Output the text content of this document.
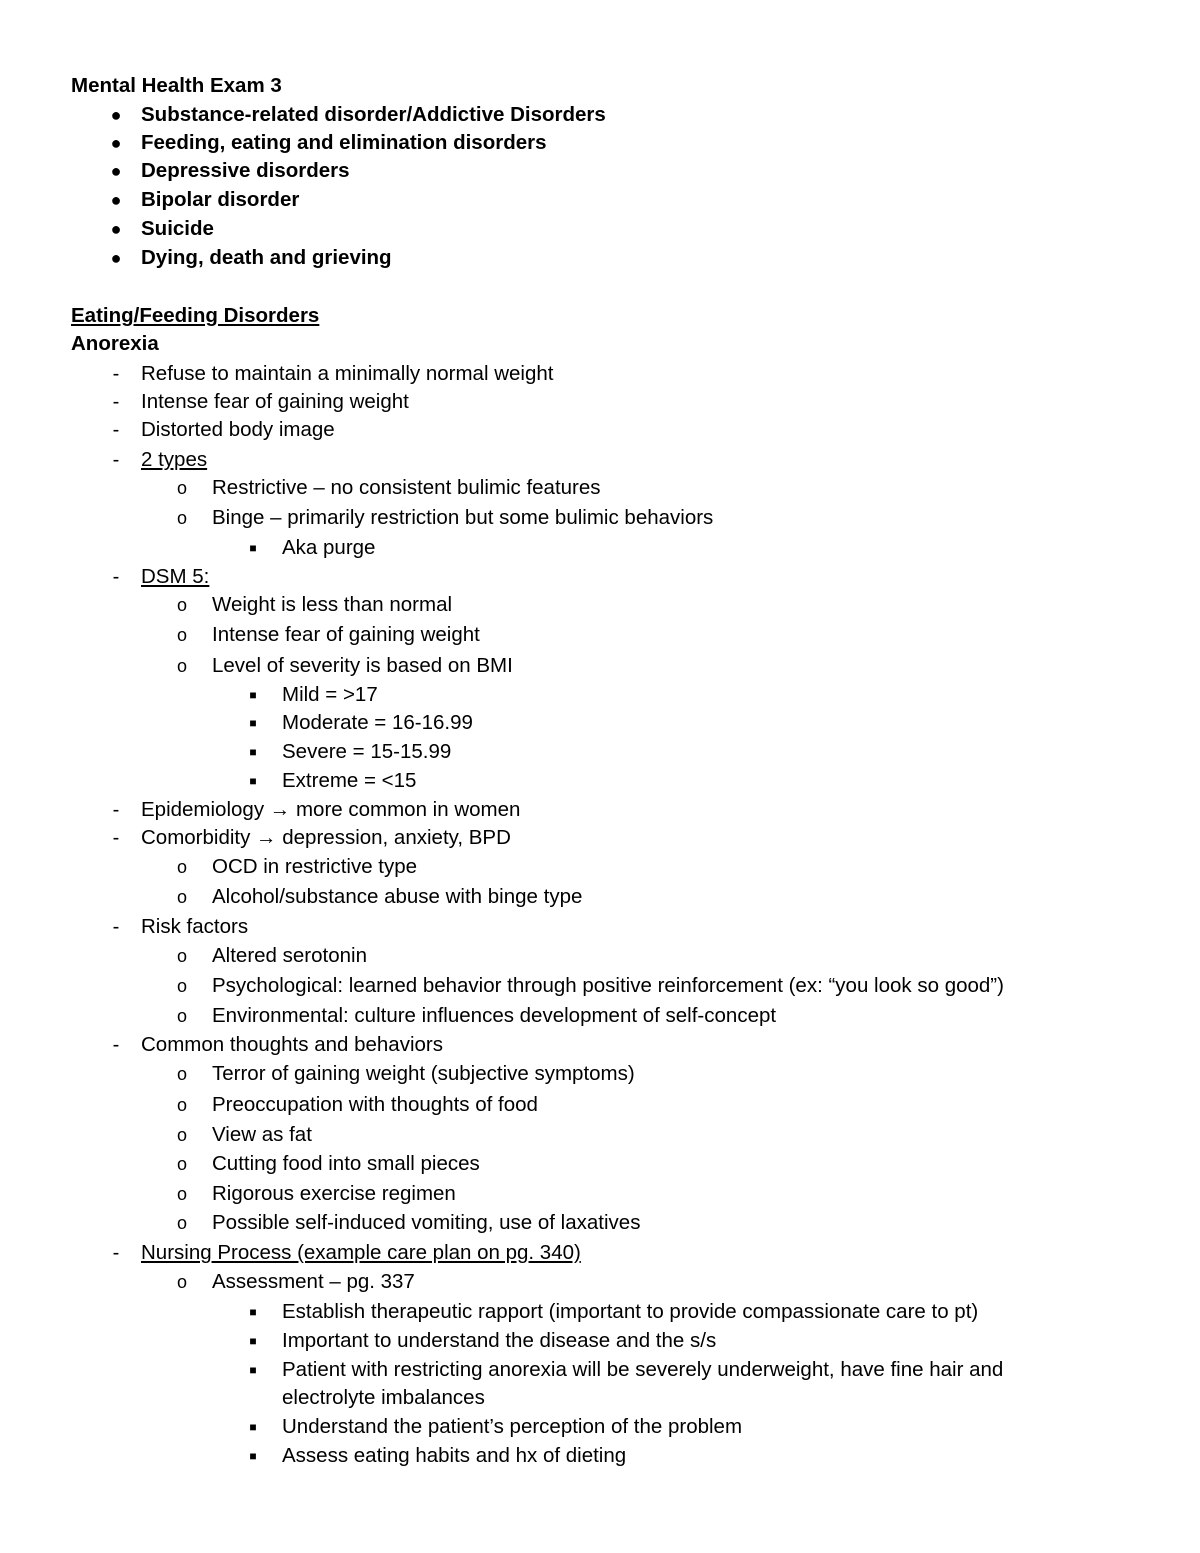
Mental Health Exam 3
● Substance-related disorder/Addictive Disorders
● Feeding, eating and elimination disorders
● Depressive disorders
● Bipolar disorder
● Suicide
● Dying, death and grieving
Eating/Feeding Disorders
Anorexia
-	Refuse to maintain a minimally normal weight
-	Intense fear of gaining weight
-	Distorted body image
-	2 types
o Restrictive – no consistent bulimic features
o Binge – primarily restriction but some bulimic behaviors
■	Aka purge
-	DSM 5:
o Weight is less than normal
o Intense fear of gaining weight
o Level of severity is based on BMI
■	Mild = >17
■	Moderate = 16-16.99
■	Severe = 15-15.99
■	Extreme = <15
-	Epidemiology → more common in women
-	Comorbidity → depression, anxiety, BPD
o OCD in restrictive type
o Alcohol/substance abuse with binge type
-	Risk factors
o Altered serotonin
o Psychological: learned behavior through positive reinforcement (ex: “you look so good”)
o Environmental: culture influences development of self-concept
-	Common thoughts and behaviors
o Terror of gaining weight (subjective symptoms)
o Preoccupation with thoughts of food
o View as fat
o Cutting food into small pieces
o Rigorous exercise regimen
o Possible self-induced vomiting, use of laxatives
-	Nursing Process (example care plan on pg. 340)
o Assessment – pg. 337
■	Establish therapeutic rapport (important to provide compassionate care to pt)
■	Important to understand the disease and the s/s
■	Patient with restricting anorexia will be severely underweight, have fine hair and
electrolyte imbalances
■	Understand the patient’s perception of the problem
■	Assess eating habits and hx of dieting
